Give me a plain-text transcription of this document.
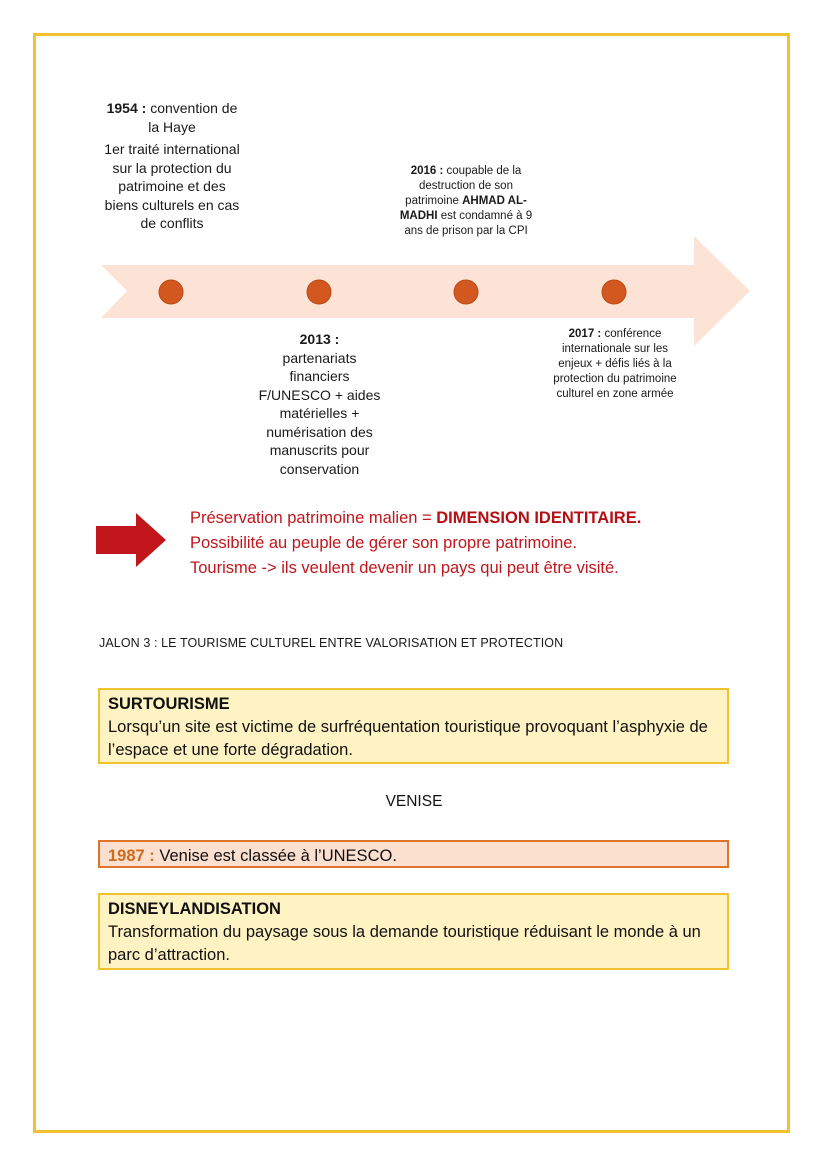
1954 : convention de la Haye
1er traité international sur la protection du patrimoine et des biens culturels en cas de conflits
2013 :
partenariats financiers F/UNESCO + aides matérielles + numérisation des manuscrits pour conservation
2016 : coupable de la destruction de son patrimoine AHMAD AL-MADHI est condamné à 9 ans de prison par la CPI
2017 : conférence internationale sur les enjeux + défis liés à la protection du patrimoine culturel en zone armée
Préservation patrimoine malien = DIMENSION IDENTITAIRE.
Possibilité au peuple de gérer son propre patrimoine.
Tourisme -> ils veulent devenir un pays qui peut être visité.
JALON 3 : LE TOURISME CULTUREL ENTRE VALORISATION ET PROTECTION
SURTOURISME
Lorsqu’un site est victime de surfréquentation touristique provoquant l’asphyxie de l’espace et une forte dégradation.
VENISE
1987 : Venise est classée à l’UNESCO.
DISNEYLANDISATION
Transformation du paysage sous la demande touristique réduisant le monde à un parc d’attraction.
